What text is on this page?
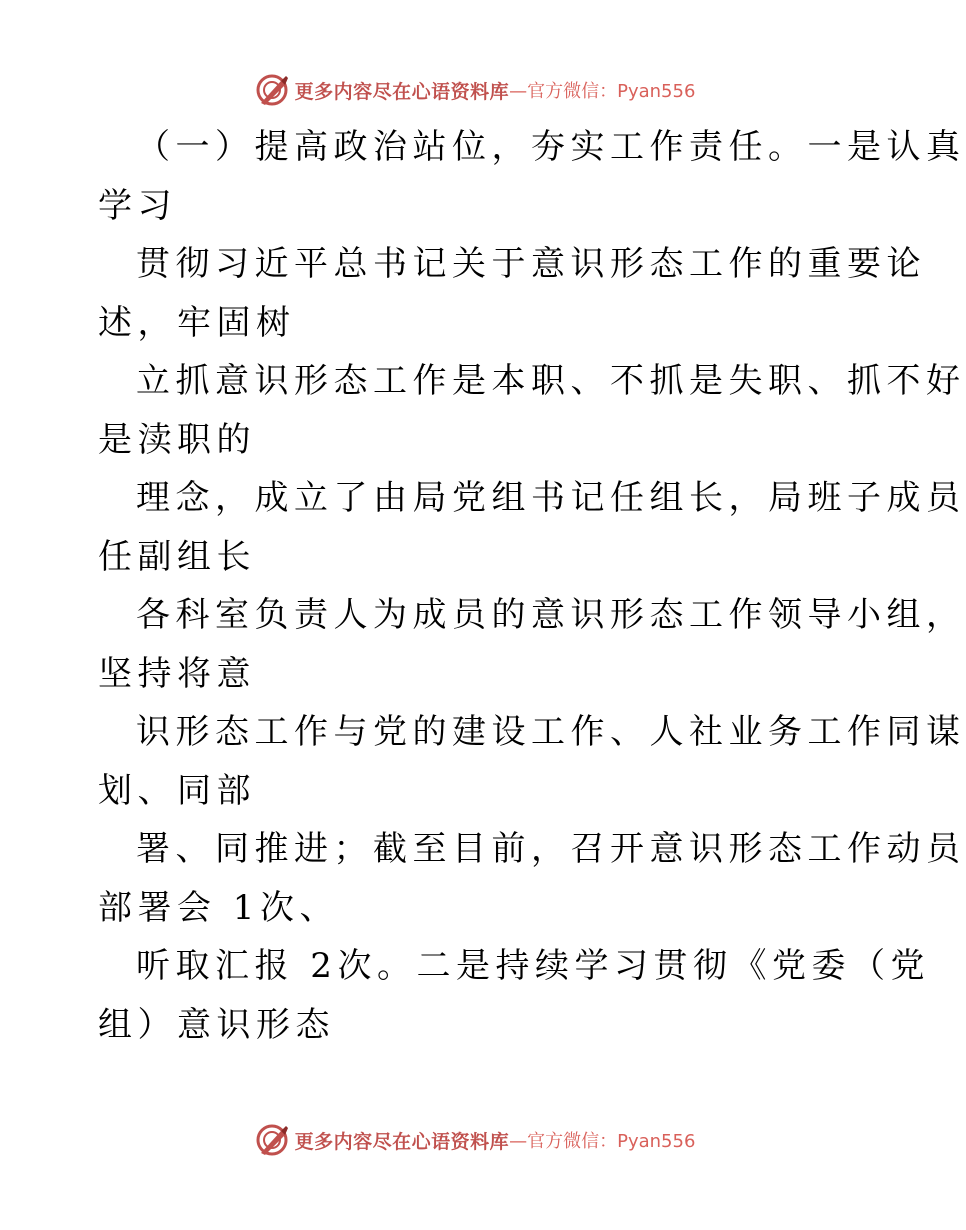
更多内容尽在心语资料库 —官方微信：Pyan556
（一）提高政治站位，夯实工作责任。一是认真
学习
贯彻习近平总书记关于意识形态工作的重要论
述，牢固树
立抓意识形态工作是本职、不抓是失职、抓不好
是渎职的
理念，成立了由局党组书记任组长，局班子成员
任副组长
各科室负责人为成员的意识形态工作领导小组，
坚持将意
识形态工作与党的建设工作、人社业务工作同谋
划、同部
署、同推进；截至目前，召开意识形态工作动员
部署会 1次、
听取汇报 2次。二是持续学习贯彻《党委（党
组）意识形态
更多内容尽在心语资料库 —官方微信：Pyan556
